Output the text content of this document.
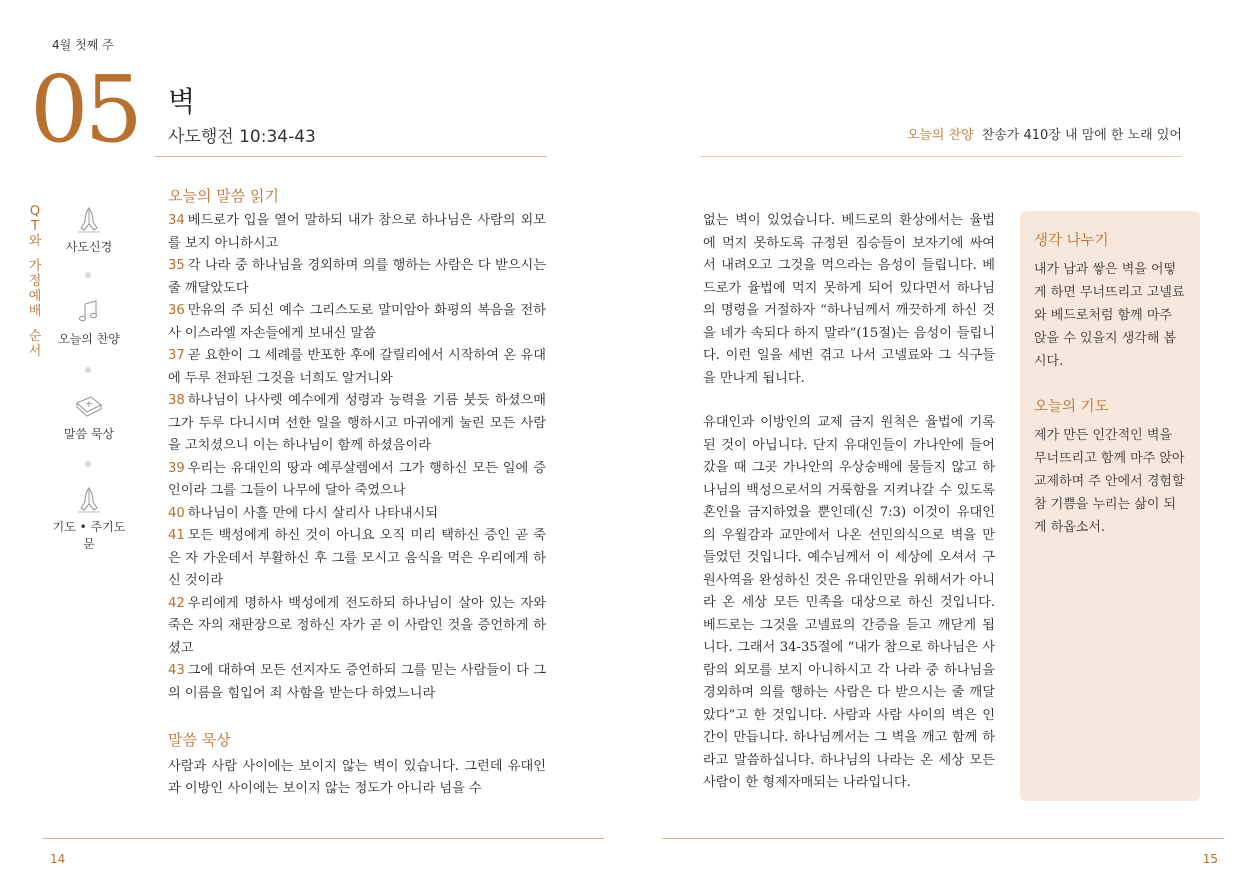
4월 첫째 주
05 벽
사도행전 10:34-43	오늘의 찬양 찬송가 410장 내 맘에 한 노래 있어
Q
T
와
가
정
예
배
순
서
사도신경
오늘의 찬양
말씀 묵상
기도 • 주기도문
오늘의 말씀 읽기
34 베드로가 입을 열어 말하되 내가 참으로 하나님은 사람의 외모를 보지 아니하시고
35 각 나라 중 하나님을 경외하며 의를 행하는 사람은 다 받으시는 줄 깨달았도다
36 만유의 주 되신 예수 그리스도로 말미암아 화평의 복음을 전하사 이스라엘 자손들에게 보내신 말씀
37 곧 요한이 그 세례를 반포한 후에 갈릴리에서 시작하여 온 유대에 두루 전파된 그것을 너희도 알거니와
38 하나님이 나사렛 예수에게 성령과 능력을 기름 붓듯 하셨으매 그가 두루 다니시며 선한 일을 행하시고 마귀에게 눌린 모든 사람을 고치셨으니 이는 하나님이 함께 하셨음이라
39 우리는 유대인의 땅과 예루살렘에서 그가 행하신 모든 일에 증인이라 그를 그들이 나무에 달아 죽였으나
40 하나님이 사흘 만에 다시 살리사 나타내시되
41 모든 백성에게 하신 것이 아니요 오직 미리 택하신 증인 곧 죽은 자 가운데서 부활하신 후 그를 모시고 음식을 먹은 우리에게 하신 것이라
42 우리에게 명하사 백성에게 전도하되 하나님이 살아 있는 자와 죽은 자의 재판장으로 정하신 자가 곧 이 사람인 것을 증언하게 하셨고
43 그에 대하여 모든 선지자도 증언하되 그를 믿는 사람들이 다 그의 이름을 힘입어 죄 사함을 받는다 하였느니라
말씀 묵상
사람과 사람 사이에는 보이지 않는 벽이 있습니다. 그런데 유대인과 이방인 사이에는 보이지 않는 정도가 아니라 넘을 수

없는 벽이 있었습니다. 베드로의 환상에서는 율법에 먹지 못하도록 규정된 짐승들이 보자기에 싸여서 내려오고 그것을 먹으라는 음성이 들립니다. 베드로가 율법에 먹지 못하게 되어 있다면서 하나님의 명령을 거절하자 “하나님께서 깨끗하게 하신 것을 네가 속되다 하지 말라”(15절)는 음성이 들립니다. 이런 일을 세번 겪고 나서 고넬료와 그 식구들을 만나게 됩니다.

유대인과 이방인의 교제 금지 원칙은 율법에 기록된 것이 아닙니다. 단지 유대인들이 가나안에 들어갔을 때 그곳 가나안의 우상숭배에 물들지 않고 하나님의 백성으로서의 거룩함을 지켜나갈 수 있도록 혼인을 금지하였을 뿐인데(신 7:3) 이것이 유대인의 우월감과 교만에서 나온 선민의식으로 벽을 만들었던 것입니다. 예수님께서 이 세상에 오셔서 구원사역을 완성하신 것은 유대인만을 위해서가 아니라 온 세상 모든 민족을 대상으로 하신 것입니다. 베드로는 그것을 고넬료의 간증을 듣고 깨닫게 됩니다. 그래서 34-35절에 “내가 참으로 하나님은 사람의 외모를 보지 아니하시고 각 나라 중 하나님을 경외하며 의를 행하는 사람은 다 받으시는 줄 깨달았다”고 한 것입니다. 사람과 사람 사이의 벽은 인간이 만듭니다. 하나님께서는 그 벽을 깨고 함께 하라고 말씀하십니다. 하나님의 나라는 온 세상 모든 사람이 한 형제자매되는 나라입니다.

생각 나누기
내가 남과 쌓은 벽을 어떻게 하면 무너뜨리고 고넬료와 베드로처럼 함께 마주 앉을 수 있을지 생각해 봅시다.
오늘의 기도
제가 만든 인간적인 벽을 무너뜨리고 함께 마주 앉아 교제하며 주 안에서 경험할 참 기쁨을 누리는 삶이 되게 하옵소서.
14	15
